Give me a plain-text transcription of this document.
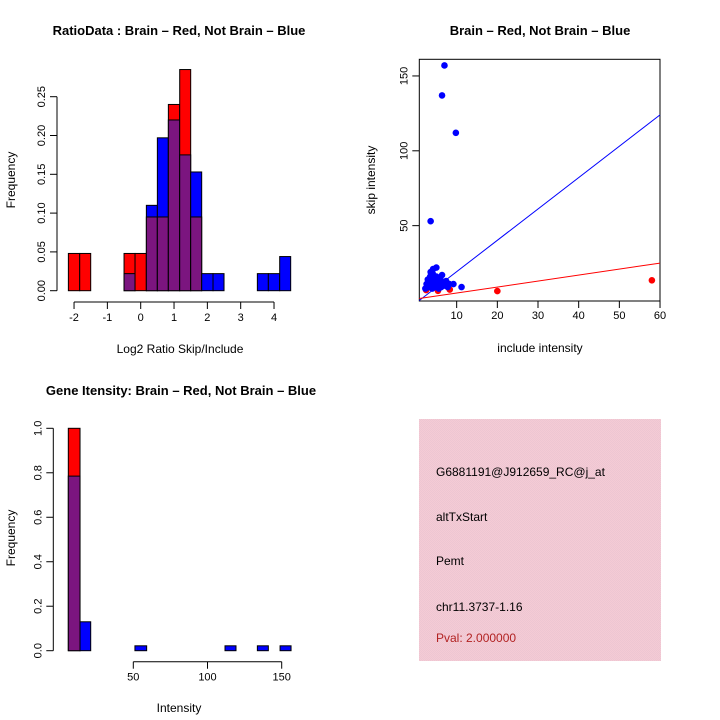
RatioData : Brain – Red, Not Brain – Blue
Log2 Ratio Skip/Include
Frequency
-2 -1 0 1 2 3 4
0.00
0.05
0.10
0.15
0.20
0.25
Brain – Red, Not Brain – Blue
include intensity
skip intensity
10	20	30	40	50	60
50
100
150
Gene Itensity: Brain – Red, Not Brain – Blue
Intensity
Frequency
50	100	150
0.0
0.2
0.4
0.6
0.8
1.0
G6881191@J912659_RC@j_at
altTxStart
Pemt
chr11.3737-1.16
Pval: 2.000000
